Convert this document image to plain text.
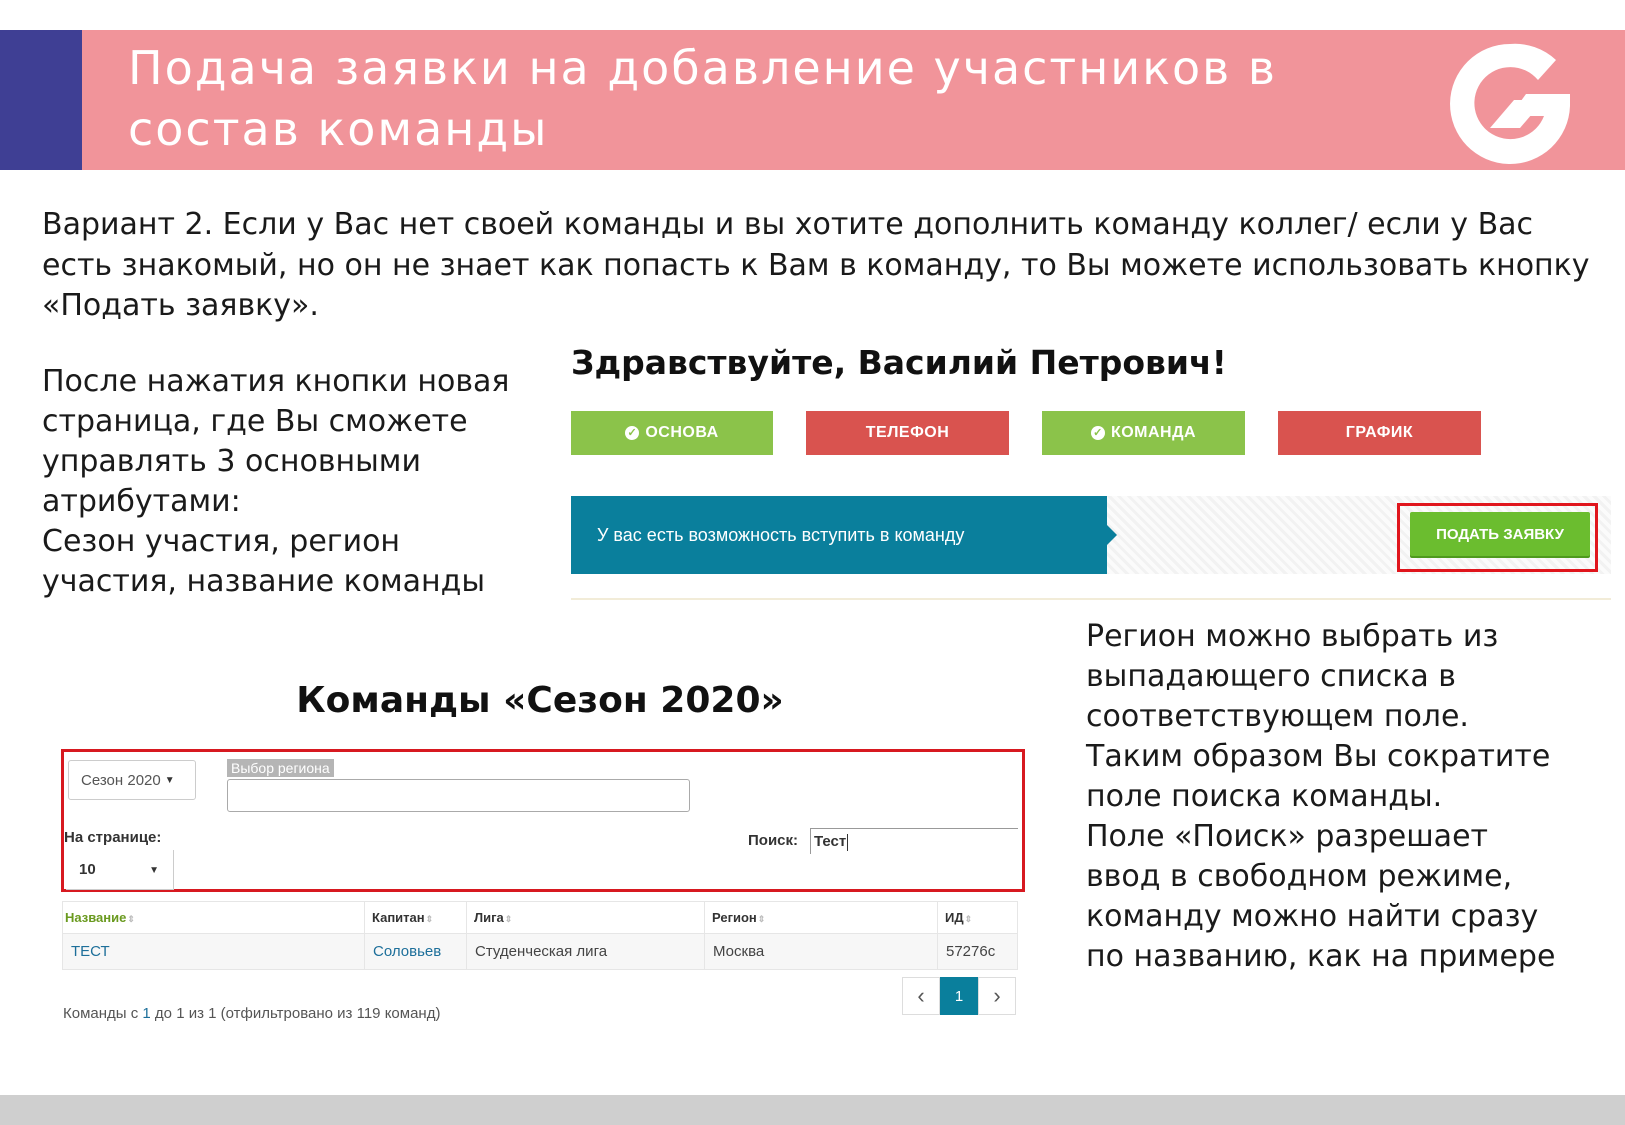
Подача заявки на добавление участников в состав команды
Вариант 2. Если у Вас нет своей команды и вы хотите дополнить команду коллег/ если у Вас есть знакомый, но он не знает как попасть к Вам в команду, то Вы можете использовать кнопку «Подать заявку».
После нажатия кнопки новая
страница, где Вы сможете
управлять 3 основными
атрибутами:
Сезон участия, регион
участия, название команды
Здравствуйте, Василий Петрович!
✓ ОСНОВА	ТЕЛЕФОН	✓ КОМАНДА	ГРАФИК
У вас есть возможность вступить в команду	ПОДАТЬ ЗАЯВКУ
Регион можно выбрать из
выпадающего списка в
соответствующем поле.
Таким образом Вы сократите
поле поиска команды.
Поле «Поиск» разрешает
ввод в свободном режиме,
команду можно найти сразу
по названию, как на примере
Команды «Сезон 2020»
Сезон 2020 ▼
Выбор региона
На странице:
10	▼
Поиск: Тест
Название⇕	Капитан⇕	Лига⇕	Регион⇕	ИД⇕
ТЕСТ	Соловьев	Студенческая лига	Москва	57276c
‹	1	›
Команды с 1 до 1 из 1 (отфильтровано из 119 команд)
